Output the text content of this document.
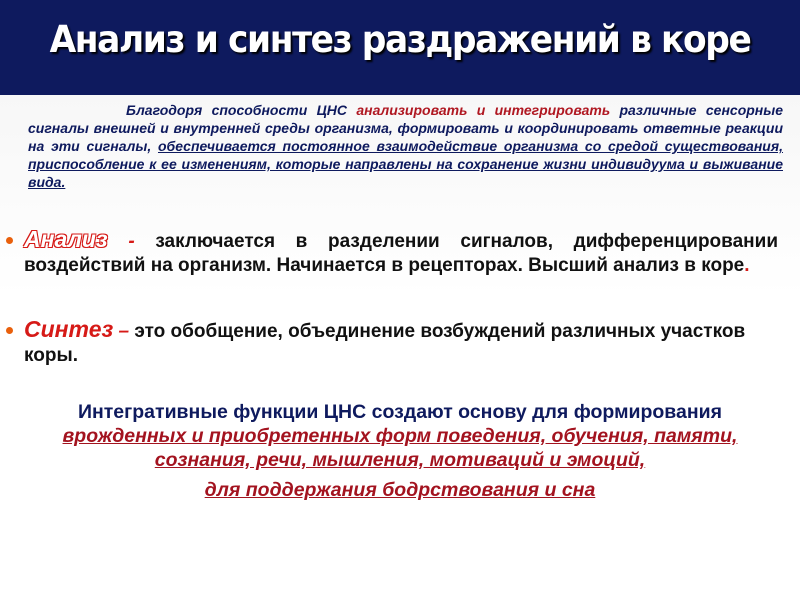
Анализ и синтез раздражений в коре

Благодоря способности ЦНС анализировать и интегрировать различные сенсорные сигналы внешней и внутренней среды организма, формировать и координировать ответные реакции на эти сигналы, обеспечивается постоянное взаимодействие организма со средой существования, приспособление к ее изменениям, которые направлены на сохранение жизни индивидуума и выживание вида.

Анализ - заключается в разделении сигналов, дифференцировании воздействий на организм. Начинается в рецепторах. Высший анализ в коре.
Синтез – это обобщение, объединение возбуждений различных участков коры.
Интегративные функции ЦНС создают основу для формирования врожденных и приобретенных форм поведения, обучения, памяти, сознания, речи, мышления, мотиваций и эмоций,
для поддержания бодрствования и сна
